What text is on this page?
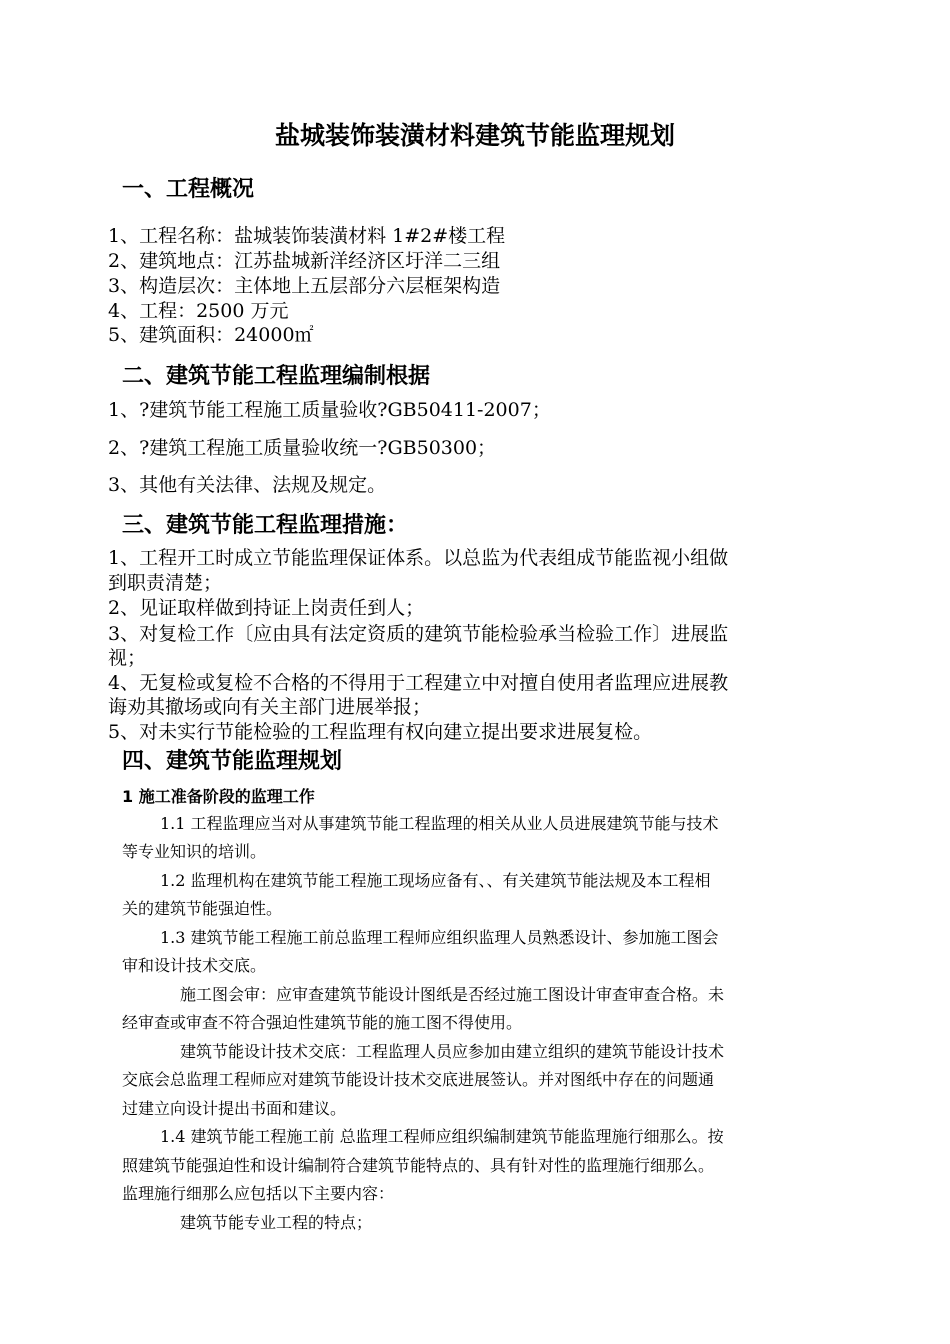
盐城装饰装潢材料建筑节能监理规划
一、工程概况
1、工程名称：盐城装饰装潢材料 1#2#楼工程
2、建筑地点：江苏盐城新洋经济区圩洋二三组
3、构造层次：主体地上五层部分六层框架构造
4、工程：2500 万元
5、建筑面积：24000㎡
二、建筑节能工程监理编制根据
1、?建筑节能工程施工质量验收?GB50411-2007；
2、?建筑工程施工质量验收统一?GB50300；
3、其他有关法律、法规及规定。
三、建筑节能工程监理措施：
1、工程开工时成立节能监理保证体系。以总监为代表组成节能监视小组做
到职责清楚；
2、见证取样做到持证上岗责任到人；
3、对复检工作〔应由具有法定资质的建筑节能检验承当检验工作〕进展监
视；
4、无复检或复检不合格的不得用于工程建立中对擅自使用者监理应进展教
诲劝其撤场或向有关主部门进展举报；
5、对未实行节能检验的工程监理有权向建立提出要求进展复检。
四、建筑节能监理规划
1 施工准备阶段的监理工作
1.1 工程监理应当对从事建筑节能工程监理的相关从业人员进展建筑节能与技术
等专业知识的培训。
1.2 监理机构在建筑节能工程施工现场应备有、、有关建筑节能法规及本工程相
关的建筑节能强迫性。
1.3 建筑节能工程施工前总监理工程师应组织监理人员熟悉设计、参加施工图会
审和设计技术交底。
施工图会审：应审查建筑节能设计图纸是否经过施工图设计审查审查合格。未
经审查或审查不符合强迫性建筑节能的施工图不得使用。
建筑节能设计技术交底：工程监理人员应参加由建立组织的建筑节能设计技术
交底会总监理工程师应对建筑节能设计技术交底进展签认。并对图纸中存在的问题通
过建立向设计提出书面和建议。
1.4 建筑节能工程施工前 总监理工程师应组织编制建筑节能监理施行细那么。按
照建筑节能强迫性和设计编制符合建筑节能特点的、具有针对性的监理施行细那么。
监理施行细那么应包括以下主要内容：
建筑节能专业工程的特点；
